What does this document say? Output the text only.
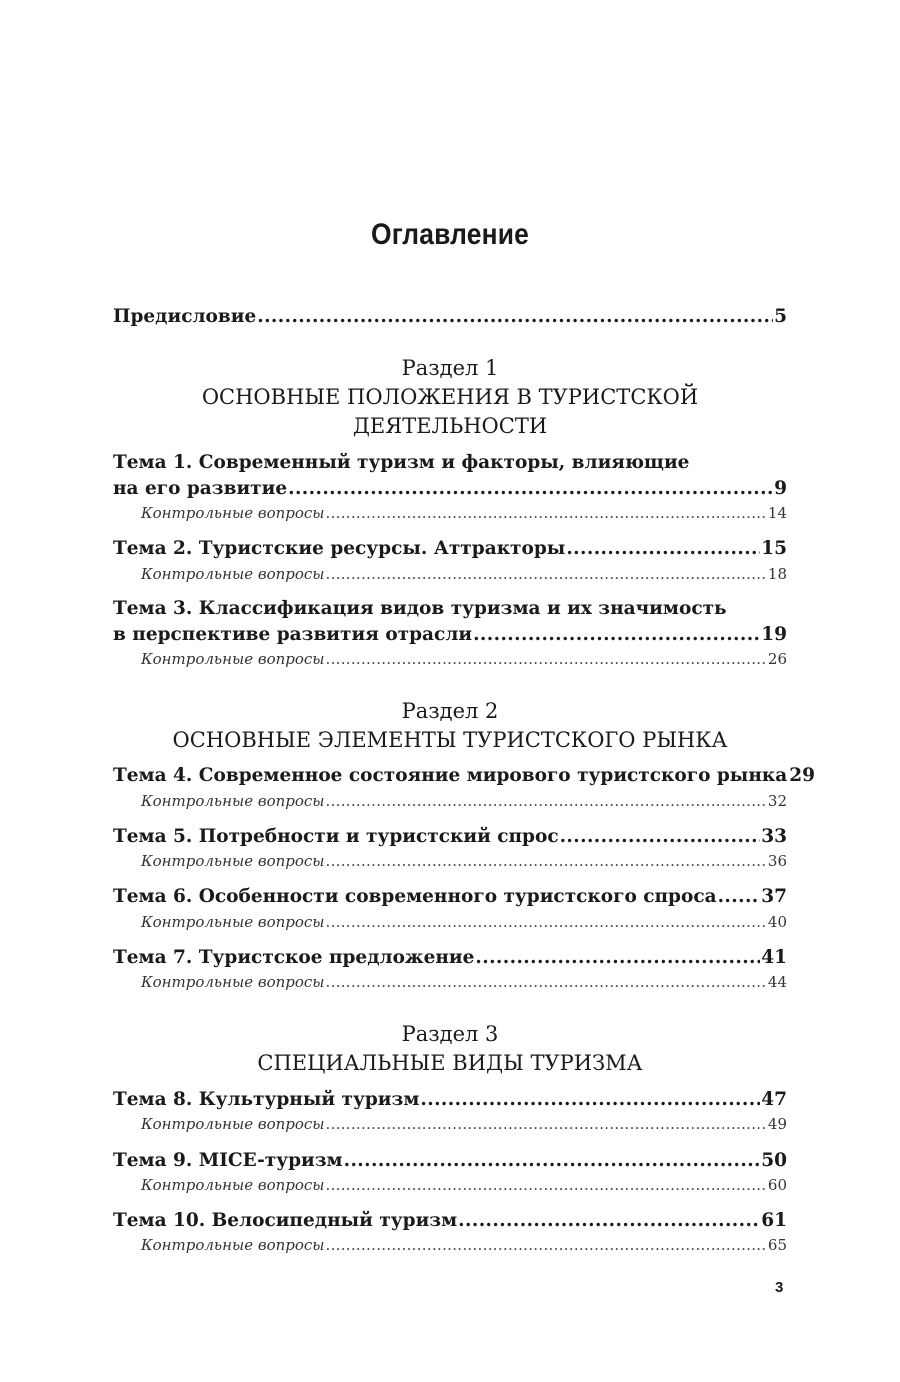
Оглавление
Предисловие .....	5
Раздел 1
ОСНОВНЫЕ ПОЛОЖЕНИЯ В ТУРИСТСКОЙ
ДЕЯТЕЛЬНОСТИ
Тема 1. Современный туризм и факторы, влияющие
на его развитие .....	9
Контрольные вопросы .....	14
Тема 2. Туристские ресурсы. Аттракторы .....	15
Контрольные вопросы .....	18
Тема 3. Классификация видов туризма и их значимость
в перспективе развития отрасли .....	19
Контрольные вопросы .....	26
Раздел 2
ОСНОВНЫЕ ЭЛЕМЕНТЫ ТУРИСТСКОГО РЫНКА
Тема 4. Современное состояние мирового туристского рынка 29
Контрольные вопросы .....	32
Тема 5. Потребности и туристский спрос .....	33
Контрольные вопросы .....	36
Тема 6. Особенности современного туристского спроса ..... 37
Контрольные вопросы .....	40
Тема 7. Туристское предложение .....	41
Контрольные вопросы .....	44
Раздел 3
СПЕЦИАЛЬНЫЕ ВИДЫ ТУРИЗМА
Тема 8. Культурный туризм .....	47
Контрольные вопросы .....	49
Тема 9. MICE-туризм .....	50
Контрольные вопросы .....	60
Тема 10. Велосипедный туризм .....	61
Контрольные вопросы .....	65
3
